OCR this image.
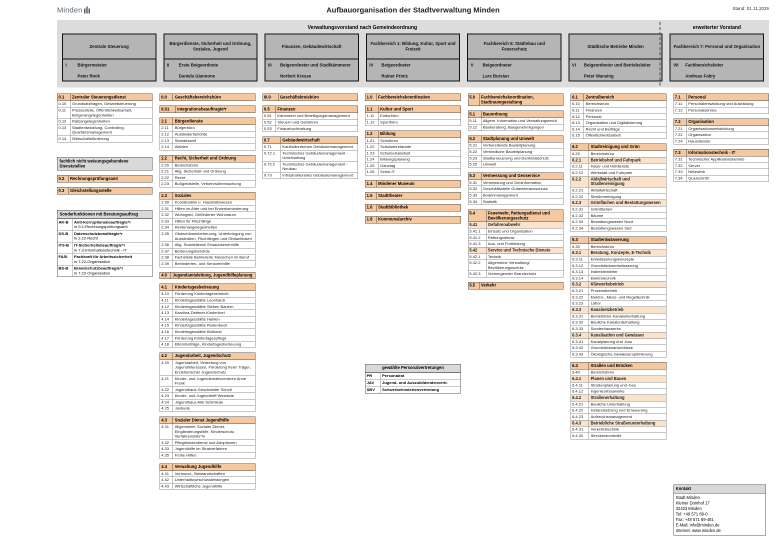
Minden	Aufbauorganisation der Stadtverwaltung Minden	Stand: 01.11.2025
Verwaltungsvorstand nach Gemeindeordnung	erweiterter Vorstand
Zentrale Steuerung
I	Bürgermeister
Peter Rock
Bürgerdienste, Sicherheit und Ordnung, Soziales, Jugend
II	Erste Beigeordnete
Daniela Giannone
Finanzen, Gebäudewirtschaft
III Beigeordneter und Stadtkämmerer
Norbert Kresse
Fachbereich 1: Bildung, Kultur, Sport und Freizeit
IV Beigeordneter
Rainer Printz
Fachbereich 5: Städtebau und Feuerschutz
V	Beigeordneter
Lars Bursian
Städtische Betriebe Minden
VI Beigeordneter und Betriebsleiter
Peter Wansing
Fachbereich 7: Personal und Organisation
VII Fachbereichsleiter
Andreas Fabry
0.1 Zentraler Steuerungsdienst
0.10 Grundsatzfragen, Gesamtsteuerung
0.11 Pressestelle, Öffentlichkeitsarbeit, Bürgerangelegenheiten
0.12 Ratsangelegenheiten
0.13 Stadtentwicklung, Controlling, Quartiersmanagement
0.14 Wirtschaftsförderung
fachlich nicht weisungsgebundene Dienststellen
0.2 Rechnungsprüfungsamt
0.3 Gleichstellungsstelle
Sonderfunktionen mit Beratungsauftrag
AK-B Anti-Korruptionsbeauftragte*r
in 0.2-Rechnungsprüfungsamt
DS-B Datenschutzbeauftragte*r
in 2.22-Recht
ITS-B IT-Sicherheitsbeauftragte*r
in 7.3-Informationstechnik - IT
FASI Fachkraft für Arbeitssicherheit
in 7.22-Organisation
BS-B Brandschutzbeauftragte*r
in 7.22-Organisation
II.0 Geschäftsbereichsbüro
II.01 Integrationsbeauftragte*r
2.1 Bürgerdienste
2.11 Bürgerbüro
2.12 Ausländerbehörde
2.13 Standesamt
2.14 Wahlen
2.2 Recht, Sicherheit und Ordnung
2.20 Bereichsbüro
2.21 Allg. Sicherheit und Ordnung
2.22 Recht
2.23 Bußgeldstelle, Verkehrsüberwachung
2.3 Soziales
2.30 Koordination u. Haushaltswesen
2.31 Hilfen im Alter und bei Erwerbsminderung
2.32 Wohngeld, Geförderter Wohnraum
2.33 Hilfen für Flüchtlinge
2.34 Rentenangelegenheiten
2.35 Obdachlosenbetreuung, Unterbringung von Aussiedlern, Flüchtlingen und Obdachlosen
2.36 Allg. Sozialdienst/ Erwachsenenhilfe
2.37 Betreuungsbehörde
2.38 Fachstelle Behinderte Menschen im Beruf
2.39 Behinderten- und Seniorenhilfe
4.0 Jugendamtsleitung, Jugendhilfeplanung
4.1 Kindertagesbetreuung
4.10 Förderung Kindertageseinricht.
4.11 Kindertagesstätte Leonhardi
4.12 Kindertagesstätte Sieben Bauern
4.13 Karolina-Dettmer-Kinderhort
4.14 Kindertagesstätte Hahlen
4.15 Kindertagesstätte Rodenbeck
4.16 Kindertagesstätte Bölhorst
4.17 Förderung Kindertagespflege
4.18 Elternbeiträge, Kindertagesbetreuung
4.2 Jugendarbeit, Jugendschutz
4.20 Jugendarbeit, Vertretung von Jugendinteressen, Förderung freier Träger, Erzieherischer Jugendschutz
4.21 Kinder- und Jugendkreativzentrum Anne Frank
4.22 Jugendhaus Geschwister Scholl
4.23 Kinder- und Jugendtreff Westside
4.24 Jugendhaus Alte Schmiede
4.25 Juxbude
4.3 Sozialer Dienst Jugendhilfe
4.31 Allgemeiner Sozialer Dienst, Eingliederungshilfe, Kinderschutz, Verfahrenslots*in
4.32 Pflegekinderdienst und Adoptionen
4.33 Jugendhilfe im Strafverfahren
4.35 Frühe Hilfen
4.4 Verwaltung Jugendhilfe
4.41 Vormund-, Beistandschaften
4.42 Unterhaltsvorschussleistungen
4.43 Wirtschaftliche Jugendhilfe
III.0	Geschäftskreisbüro
0.5 Finanzen
0.51 Kämmerei und Beteiligungsmanagement
0.52 Steuern und Gebühren
0.53 Finanzbuchhaltung
0.7	Gebäudewirtschaft
0.71	Kaufmännisches Gebäudemanagement
0.72.1 Technisches Gebäudemanagement - Unterhaltung
0.72.2 Technisches Gebäudemanagement - Neubau
0.73	Infrastrukturelles Gebäudemanagement
1.0 Fachbereichskoordination
1.1 Kultur und Sport
1.11 Kulturbüro
1.12 Sportbüro
1.2 Bildung
1.21 Schulbüro
1.22 Schulsekretariate
1.23 Schulsozialarbeit
1.24 Bildungsplanung
1.25 Ganztag
1.26 Schul-IT
1.4 Mindener Museum
1.5 Stadttheater
1.6 Stadtbibliothek
1.8 Kommunalarchiv
gewählte Personalvertretungen
PR	Personalrat
JAV	Jugend- und Auszubildendenvertr.
SBV Schwerbehindertenvertretung
5.0 Fachbereichskoordination, Stadtraumgestaltung
5.1 Bauordnung
5.11 Allgem. Information und Verwaltungsrecht
5.12 Bauberatung, Baugenehmigungen
5.2 Stadtplanung und Umwelt
5.21 Vorbereitende Bauleitplanung
5.22 Verbindliche Bauleitplanung
5.23 Stadterneuerung und Denkmalschutz
5.25 Umwelt
5.3 Vermessung und Geoservice
5.31 Vermessung und Geoinformation
5.32 Geschäftsstelle Gutachterausschuss
5.33 Bodenmanagement
5.34 Statistik
5.4	Feuerwehr, Rettungsdienst und Bevölkerungsschutz
5.41	Gefahrenabwehr
5.41.1 Einsatz und Organisation
5.41.2 Rettungsdienst
5.41.3 Aus- und Fortbildung
5.42	Service und Technische Dienste
5.42.1 Technik
5.42.2 Allgemeine Verwaltung/ Bevölkerungsschutz
5.42.3 Vorbeugender Brandschutz
5.5 Verkehr
6.1 Zentralbereich
6.10 Bereichsbüro
6.11 Finanzen
6.12 Personal
6.13 Organisation und Digitalisierung
6.14 Recht und Beiträge
6.15 Öffentlichkeitsarbeit
6.2	Stadtreinigung und Grün
6.20	Bereichsbüro
6.2.1	Betriebshof und Fuhrpark
6.2.11 Haus- und Hofdienste
6.2.12 Werkstatt und Fuhrpark
6.2.2	Abfallwirtschaft und Straßenreinigung
6.2.21 Abfallwirtschaft
6.2.22 Straßenreinigung
6.2.3	Grünflächen und Bestattungswesen
6.2.31 Grünflächen
6.2.32 Bäume
6.2.33 Bestattungswesen Nord
6.2.34 Bestattungswesen Süd
6.3	Stadtentwässerung
6.30	Bereichsbüro
6.3.1	Beratung, Konzepte, E-Technik
6.3.11 Entwässerungskonzepte
6.3.12 Grundstücksentwässerung
6.3.13 Indirekteinleiter
6.3.14 Elektrotechnik
6.3.2	Klärwerksbetrieb
6.3.21 Prozessbetrieb
6.3.22 Elektro-, Mess- und Regeltechnik
6.3.23 Labor
6.3.3	Kanalnetzbetrieb
6.3.31 Betriebliche Kanalunterhaltung
6.3.32 Bauliche Kanalunterhaltung
6.3.33 Sonderbauwerke
6.3.4	Kanalisation und Gewässer
6.3.41 Kanalplanung und -bau
6.3.42 Grundstücksanschlüsse
6.3.43 Ökologische Gewässeroptimierung
6.4	Straßen und Brücken
6.40	Bereichsbüro
6.4.1	Planen und Bauen
6.4.11 Straßenplanung und -bau
6.4.12 Ingenieurbauwerke
6.4.2	Straßenerhaltung
6.4.21 Bauliche Unterhaltung
6.4.22 Instandsetzung und Erneuerung
6.4.23 Aufbruchsmanagement
6.4.3	Betriebliche Straßenunterhaltung
6.4.31 Verkehrstechnik
6.4.32 Streckenkontrolle
7.1 Personal
7.11 Personalentwicklung und Ausbildung
7.12 Personalservice
7.2 Organisation
7.21 Organisationsentwicklung
7.22 Organisation
7.24 Hausdienste
7.3 Informationstechnik - IT
7.31 Technischer Applikationsbetrieb
7.32 Server
7.33 Netzwerk
7.34 Querschnitt
Kontakt
Stadt Minden
Kleiner Domhof 17
32423 Minden
Tel: +49 571 89-0
Fax: +49 571 89-481
E-Mail: info@minden.de
Internet: www.minden.de
